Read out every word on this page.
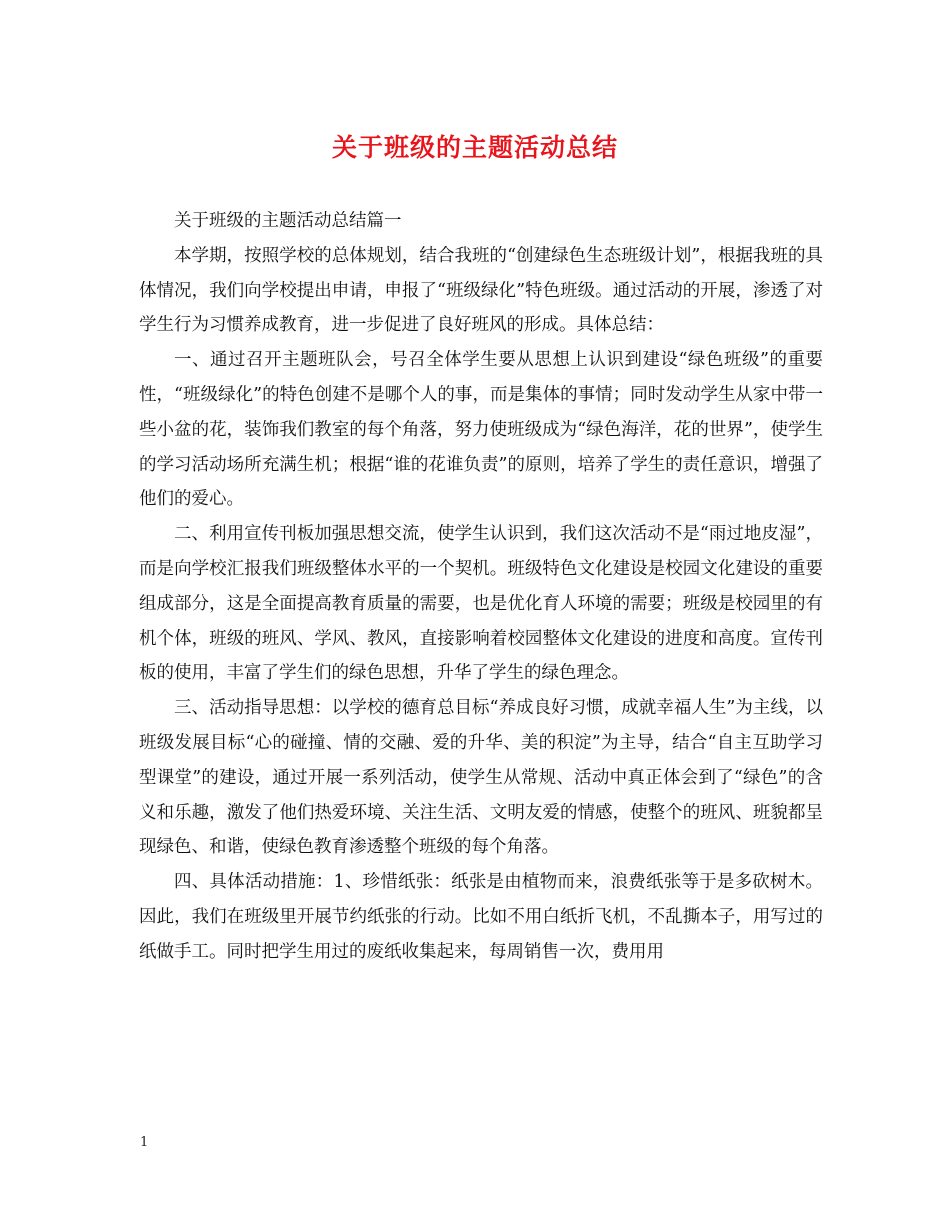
关于班级的主题活动总结

关于班级的主题活动总结篇一

本学期，按照学校的总体规划，结合我班的“创建绿色生态班级计划”，根据我班的具体情况，我们向学校提出申请，申报了“班级绿化”特色班级。通过活动的开展，渗透了对学生行为习惯养成教育，进一步促进了良好班风的形成。具体总结：

一、通过召开主题班队会，号召全体学生要从思想上认识到建设“绿色班级”的重要性，“班级绿化”的特色创建不是哪个人的事，而是集体的事情；同时发动学生从家中带一些小盆的花，装饰我们教室的每个角落，努力使班级成为“绿色海洋，花的世界”，使学生的学习活动场所充满生机；根据“谁的花谁负责”的原则，培养了学生的责任意识，增强了他们的爱心。

二、利用宣传刊板加强思想交流，使学生认识到，我们这次活动不是“雨过地皮湿”，而是向学校汇报我们班级整体水平的一个契机。班级特色文化建设是校园文化建设的重要组成部分，这是全面提高教育质量的需要，也是优化育人环境的需要；班级是校园里的有机个体，班级的班风、学风、教风，直接影响着校园整体文化建设的进度和高度。宣传刊板的使用，丰富了学生们的绿色思想，升华了学生的绿色理念。

三、活动指导思想：以学校的德育总目标“养成良好习惯，成就幸福人生”为主线，以班级发展目标“心的碰撞、情的交融、爱的升华、美的积淀”为主导，结合“自主互助学习型课堂”的建设，通过开展一系列活动，使学生从常规、活动中真正体会到了“绿色”的含义和乐趣，激发了他们热爱环境、关注生活、文明友爱的情感，使整个的班风、班貌都呈现绿色、和谐，使绿色教育渗透整个班级的每个角落。

四、具体活动措施：1、珍惜纸张：纸张是由植物而来，浪费纸张等于是多砍树木。因此，我们在班级里开展节约纸张的行动。比如不用白纸折飞机，不乱撕本子，用写过的纸做手工。同时把学生用过的废纸收集起来，每周销售一次，费用用

1
